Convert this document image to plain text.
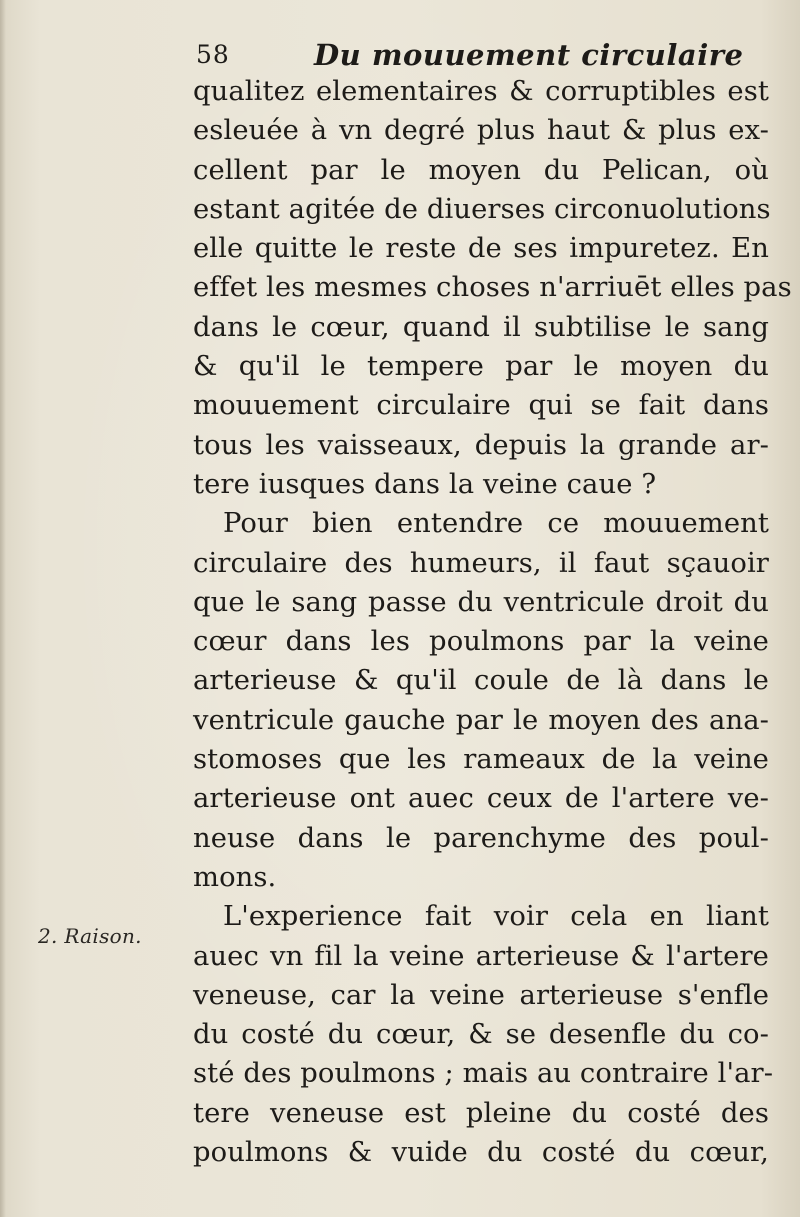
58	Du mouuement circulaire
2. Raison.
qualitez elementaires & corruptibles est
esleuée à vn degré plus haut & plus ex-
cellent par le moyen du Pelican, où
estant agitée de diuerses circonuolutions
elle quitte le reste de ses impuretez. En
effet les mesmes choses n'arriuēt elles pas
dans le cœur, quand il subtilise le sang
& qu'il le tempere par le moyen du
mouuement circulaire qui se fait dans
tous les vaisseaux, depuis la grande ar-
tere iusques dans la veine caue ?
Pour bien entendre ce mouuement
circulaire des humeurs, il faut sçauoir
que le sang passe du ventricule droit du
cœur dans les poulmons par la veine
arterieuse & qu'il coule de là dans le
ventricule gauche par le moyen des ana-
stomoses que les rameaux de la veine
arterieuse ont auec ceux de l'artere ve-
neuse dans le parenchyme des poul-
mons.
L'experience fait voir cela en liant
auec vn fil la veine arterieuse & l'artere
veneuse, car la veine arterieuse s'enfle
du costé du cœur, & se desenfle du co-
sté des poulmons ; mais au contraire l'ar-
tere veneuse est pleine du costé des
poulmons & vuide du costé du cœur,
